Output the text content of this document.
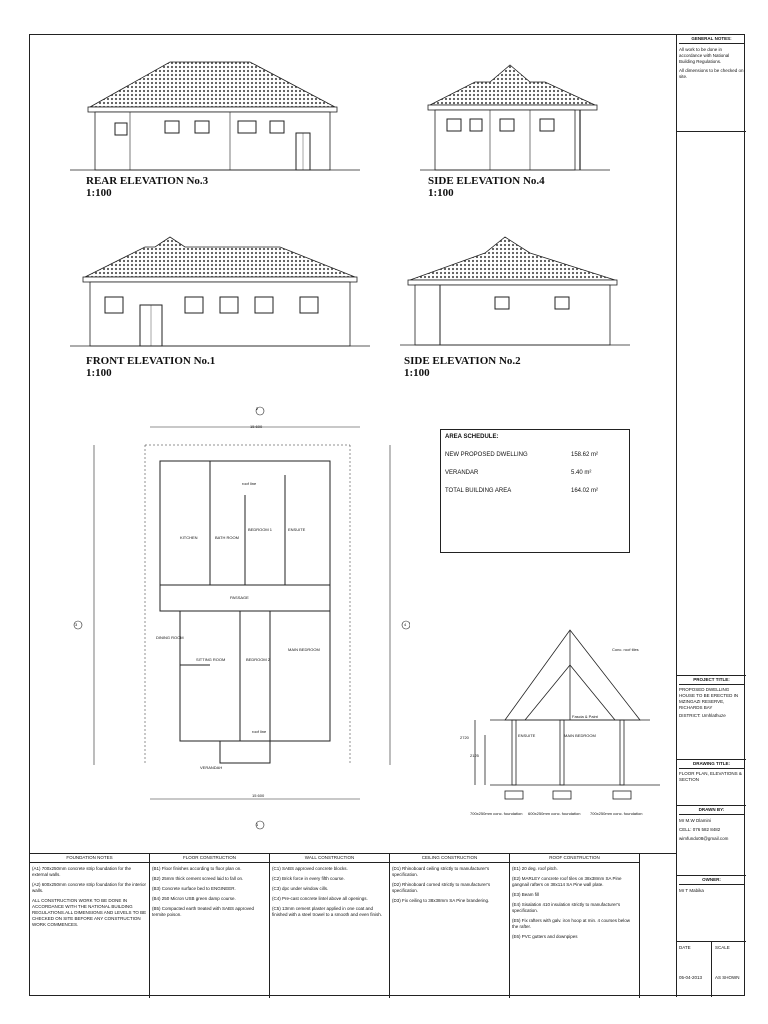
REAR ELEVATION No.3
1:100
SIDE ELEVATION No.4
1:100
FRONT ELEVATION No.1
1:100
SIDE ELEVATION No.2
1:100
15 600
15 600
2
1
3	4
KITCHEN	BATH ROOM
BEDROOM 1	ENSUITE
PASSAGE
DINING ROOM
SITTING ROOM	BEDROOM 2
MAIN BEDROOM
VERANDAH
roof line
roof line
AREA SCHEDULE:
NEW PROPOSED DWELLING	158.62 m²
VERANDAR	5.40 m²
TOTAL BUILDING AREA	164.02 m²
Conc. roof tiles
Fascia & Paint
ENSUITE	MAIN BEDROOM
2720
2125
700x250mm conc. foundation 600x250mm conc. foundation 700x250mm conc. foundation
GENERAL NOTES:

All work to be done in accordance with National Building Regulations.

All dimensions to be checked on site.

PROJECT TITLE:

PROPOSED DWELLING HOUSE TO BE ERECTED IN MZINGAZI RESERVE, RICHARDS BAY

DISTRICT: Umhlathuze

DRAWING TITLE:

FLOOR PLAN, ELEVATIONS & SECTION

DRAWN BY:

Mr M.W Dlamini

CELL: 076 582 8482

wimfundo08@gmail.com

OWNER:

Mr T Mabika

DATE	SCALE
05-04-2013	AS SHOWN
FOUNDATION NOTES

(A1) 700x250mm concrete strip foundation for the external walls.

(A2) 600x250mm concrete strip foundation for the interior walls.

ALL CONSTRUCTION WORK TO BE DONE IN ACCORDANCE WITH THE NATIONAL BUILDING REGULATIONS.ALL DIMENSIONS AND LEVELS TO BE CHECKED ON SITE BEFORE ANY CONSTRUCTION WORK COMMENCES.

FLOOR CONSTRUCTION

(B1) Floor finishes according to floor plan on.

(B2) 25mm thick cement screed laid to fall on.

(B3) Concrete surface bed to ENGINEER.

(B4) 250 Micron USB green damp course.

(B5) Compacted earth treated with SABS approved termite poison.

WALL CONSTRUCTION

(C1) SABS approved concrete blocks.

(C2) Brick force in every fifth course.

(C3) dpc under window cills.

(C4) Pre-cast concrete lintel above all openings.

(C5) 13mm cement plaster applied in one coat and finished with a steel trowel to a smooth and even finish.

CEILING CONSTRUCTION

(D1) Rhinoboard ceiling strictly to manufacturer's specification.

(D2) Rhinoboard corned strictly to manufacturer's specification.

(D3) Fix ceiling to 38x38mm SA Pine brandering.

ROOF CONSTRUCTION

(E1) 20 deg. roof pitch.

(E2) MARLEY concrete roof tiles on 38x38mm SA Pine gangnail rafters on 38x114 SA Pine wall plate.

(E3) Beam fill

(E4) Sisalation 410 insulation strictly to manufacturer's specification.

(E5) Fix rafters with galv. iron hoop at min. 4 courses below the rafter.

(E6) PVC gutters and downpipes
